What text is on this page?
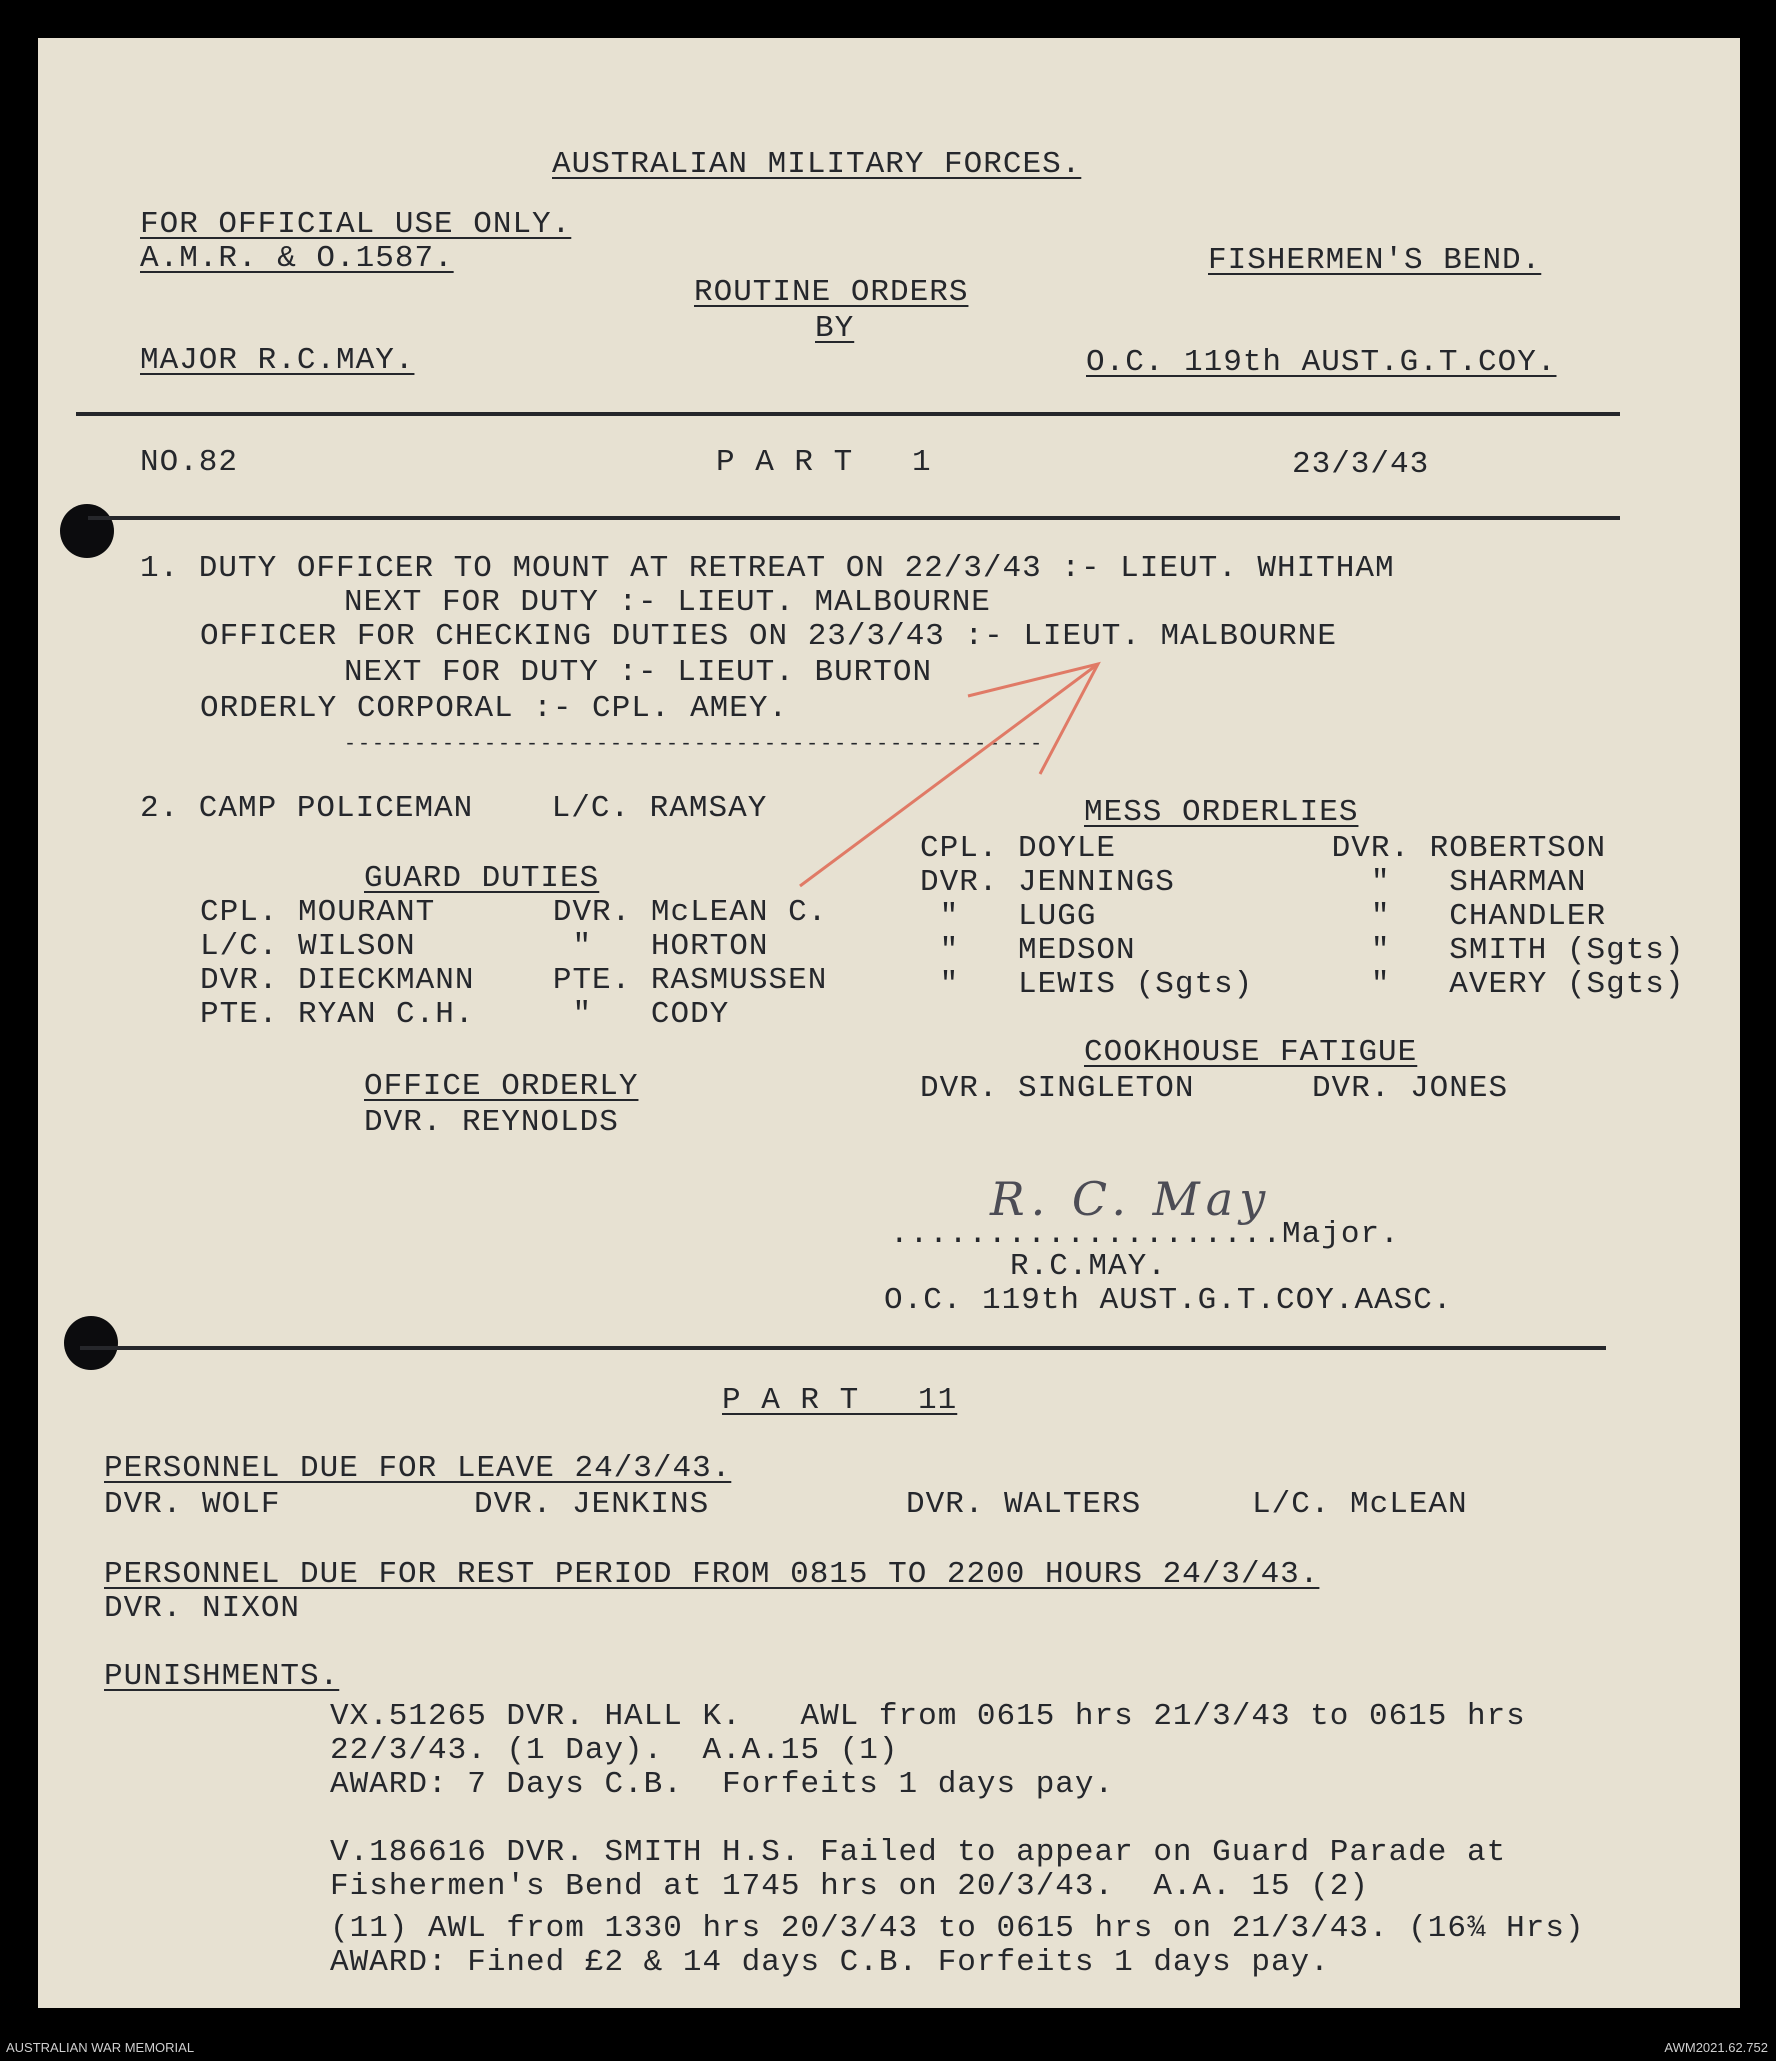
AUSTRALIAN MILITARY FORCES.
FOR OFFICIAL USE ONLY.
A.M.R. & O.1587.	FISHERMEN'S BEND.
ROUTINE ORDERS
BY
MAJOR R.C.MAY.	O.C. 119th AUST.G.T.COY.
NO.82	P A R T   1	23/3/43
1. DUTY OFFICER TO MOUNT AT RETREAT ON 22/3/43 :- LIEUT. WHITHAM
NEXT FOR DUTY :- LIEUT. MALBOURNE
OFFICER FOR CHECKING DUTIES ON 23/3/43 :- LIEUT. MALBOURNE
NEXT FOR DUTY :- LIEUT. BURTON
ORDERLY CORPORAL :- CPL. AMEY.
--------------------------------------------------
2. CAMP POLICEMAN    L/C. RAMSAY
GUARD DUTIES
CPL. MOURANT      DVR. McLEAN C.
L/C. WILSON        "   HORTON
DVR. DIECKMANN    PTE. RASMUSSEN
PTE. RYAN C.H.     "   CODY
OFFICE ORDERLY
DVR. REYNOLDS
MESS ORDERLIES
CPL. DOYLE           DVR. ROBERTSON
DVR. JENNINGS          "   SHARMAN
"   LUGG              "   CHANDLER
"   MEDSON            "   SMITH (Sgts)
"   LEWIS (Sgts)      "   AVERY (Sgts)
COOKHOUSE FATIGUE
DVR. SINGLETON      DVR. JONES
R. C. May
....................Major.
R.C.MAY.
O.C. 119th AUST.G.T.COY.AASC.
P A R T   11
PERSONNEL DUE FOR LEAVE 24/3/43.
DVR. WOLF	DVR. JENKINS	DVR. WALTERS	L/C. McLEAN
PERSONNEL DUE FOR REST PERIOD FROM 0815 TO 2200 HOURS 24/3/43.
DVR. NIXON
PUNISHMENTS.
VX.51265 DVR. HALL K.   AWL from 0615 hrs 21/3/43 to 0615 hrs
22/3/43. (1 Day).  A.A.15 (1)
AWARD: 7 Days C.B.  Forfeits 1 days pay.
V.186616 DVR. SMITH H.S. Failed to appear on Guard Parade at
Fishermen's Bend at 1745 hrs on 20/3/43.  A.A. 15 (2)
(11) AWL from 1330 hrs 20/3/43 to 0615 hrs on 21/3/43. (16¾ Hrs)
AWARD: Fined £2 & 14 days C.B. Forfeits 1 days pay.
AUSTRALIAN WAR MEMORIAL	AWM2021.62.752
